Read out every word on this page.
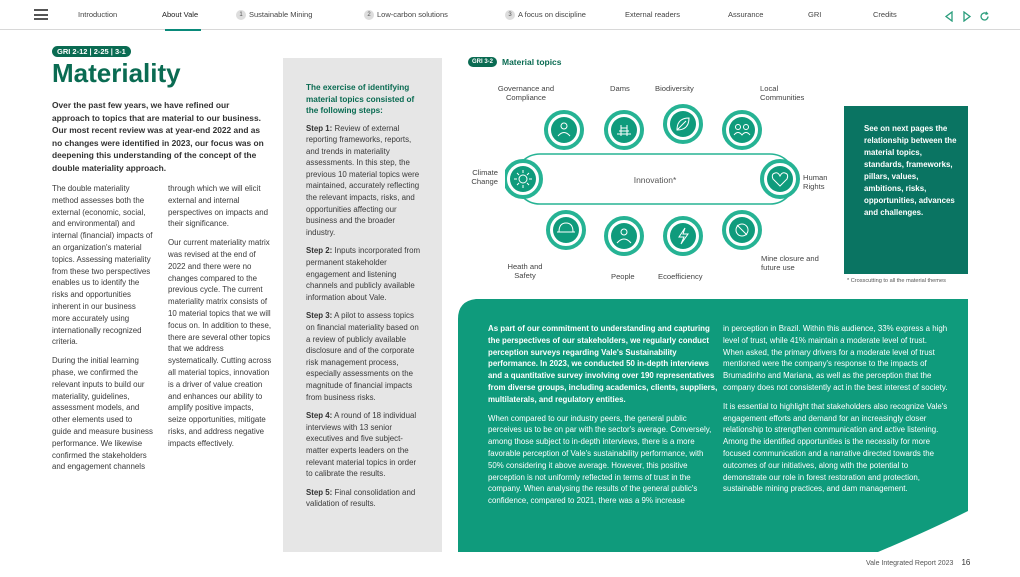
Introduction	About Vale	1 Sustainable Mining	2 Low-carbon solutions	3 A focus on discipline	External readers	Assurance	GRI	Credits

GRI 2-12 | 2-25 | 3-1
Materiality
Over the past few years, we have refined our approach to topics that are material to our business. Our most recent review was at year-end 2022 and as no changes were identified in 2023, our focus was on deepening this understanding of the concept of the double materiality approach.

The double materiality method assesses both the external (economic, social, and environmental) and internal (financial) impacts of an organization's material topics. Assessing materiality from these two perspectives enables us to identify the risks and opportunities inherent in our business more accurately using internationally recognized criteria.

During the initial learning phase, we confirmed the relevant inputs to build our materiality, guidelines, assessment models, and other elements used to guide and measure business performance. We likewise confirmed the stakeholders and engagement channels

through which we will elicit external and internal perspectives on impacts and their significance.

Our current materiality matrix was revised at the end of 2022 and there were no changes compared to the previous cycle. The current materiality matrix consists of 10 material topics that we will focus on. In addition to these, there are several other topics that we address systematically. Cutting across all material topics, innovation is a driver of value creation and enhances our ability to amplify positive impacts, seize opportunities, mitigate risks, and address negative impacts effectively.

The exercise of identifying material topics consisted of the following steps:

Step 1: Review of external reporting frameworks, reports, and trends in materiality assessments. In this step, the previous 10 material topics were maintained, accurately reflecting the relevant impacts, risks, and opportunities affecting our business and the broader industry.

Step 2: Inputs incorporated from permanent stakeholder engagement and listening channels and publicly available information about Vale.

Step 3: A pilot to assess topics on financial materiality based on a review of publicly available disclosure and of the corporate risk management process, especially assessments on the magnitude of financial impacts from business risks.

Step 4: A round of 18 individual interviews with 13 senior executives and five subject-matter experts leaders on the relevant material topics in order to calibrate the results.

Step 5: Final consolidation and validation of results.

GRI 3-2	Material topics
Innovation*
Governance and Compliance
Dams	Biodiversity	Local Communities
Climate Change	Human Rights
Heath and Safety	People	Ecoefficiency
Mine closure and future use

See on next pages the relationship between the material topics, standards, frameworks, pillars, values, ambitions, risks, opportunities, advances and challenges.

* Crosscutting to all the material themes

As part of our commitment to understanding and capturing the perspectives of our stakeholders, we regularly conduct perception surveys regarding Vale's Sustainability performance. In 2023, we conducted 50 in-depth interviews and a quantitative survey involving over 190 representatives from diverse groups, including academics, clients, suppliers, multilaterals, and regulatory entities.

When compared to our industry peers, the general public perceives us to be on par with the sector's average. Conversely, among those subject to in-depth interviews, there is a more favorable perception of Vale's sustainability performance, with 50% considering it above average. However, this positive perception is not uniformly reflected in terms of trust in the company. When analysing the results of the general public's confidence, compared to 2021, there was a 9% increase

in perception in Brazil. Within this audience, 33% express a high level of trust, while 41% maintain a moderate level of trust. When asked, the primary drivers for a moderate level of trust mentioned were the company's response to the impacts of Brumadinho and Mariana, as well as the perception that the company does not consistently act in the best interest of society.

It is essential to highlight that stakeholders also recognize Vale's engagement efforts and demand for an increasingly closer relationship to strengthen communication and active listening. Among the identified opportunities is the necessity for more focused communication and a narrative directed towards the outcomes of our initiatives, along with the potential to demonstrate our role in forest restoration and protection, sustainable mining practices, and dam management.

Vale Integrated Report 2023 16
